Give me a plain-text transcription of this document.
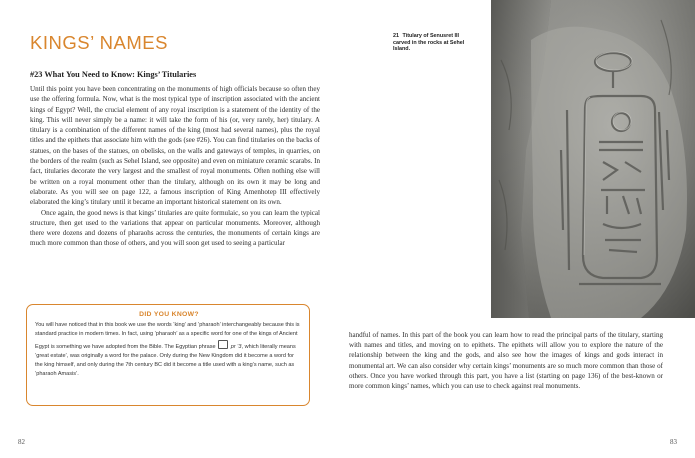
KINGS’ NAMES
#23 What You Need to Know: Kings’ Titularies

Until this point you have been concentrating on the monuments of high officials because so often they use the offering formula. Now, what is the most typical type of inscription associated with the ancient kings of Egypt? Well, the crucial element of any royal inscription is a statement of the identity of the king. This will never simply be a name: it will take the form of his (or, very rarely, her) titulary. A titulary is a combination of the different names of the king (most had several names), plus the royal titles and the epithets that associate him with the gods (see #26). You can find titularies on the backs of statues, on the bases of the statues, on obelisks, on the walls and gateways of temples, in quarries, on the borders of the realm (such as Sehel Island, see opposite) and even on miniature ceramic scarabs. In fact, titularies decorate the very largest and the smallest of royal monuments. Often nothing else will be written on a royal monument other than the titulary, although on its own it may be long and elaborate. As you will see on page 122, a famous inscription of King Amenhotep III effectively elaborated the king’s titulary until it became an important historical statement on its own.

Once again, the good news is that kings’ titularies are quite formulaic, so you can learn the typical structure, then get used to the variations that appear on particular monuments. Moreover, although there were dozens and dozens of pharaohs across the centuries, the monuments of certain kings are much more common than those of others, and you will soon get used to seeing a particular

DID YOU KNOW?
You will have noticed that in this book we use the words ‘king’ and ‘pharaoh’ interchangeably because this is standard practice in modern times. In fact, using ‘pharaoh’ as a specific word for one of the kings of Ancient Egypt is something we have adopted from the Bible. The Egyptian phrase	pr ‘3, which literally means ‘great estate’, was originally a word for the palace. Only during the New Kingdom did it become a word for the king himself, and only during the 7th century BC did it become a title used with a king’s name, such as ‘pharaoh Amasis’.
82
21 Titulary of Senusret III carved in the rocks at Sehel Island.

handful of names. In this part of the book you can learn how to read the principal parts of the titulary, starting with names and titles, and moving on to epithets. The epithets will allow you to explore the nature of the relationship between the king and the gods, and also see how the images of kings and gods interact in monumental art. We can also consider why certain kings’ monuments are so much more common than those of others. Once you have worked through this part, you have a list (starting on page 136) of the best-known or more common kings’ names, which you can use to check against real monuments.

83
